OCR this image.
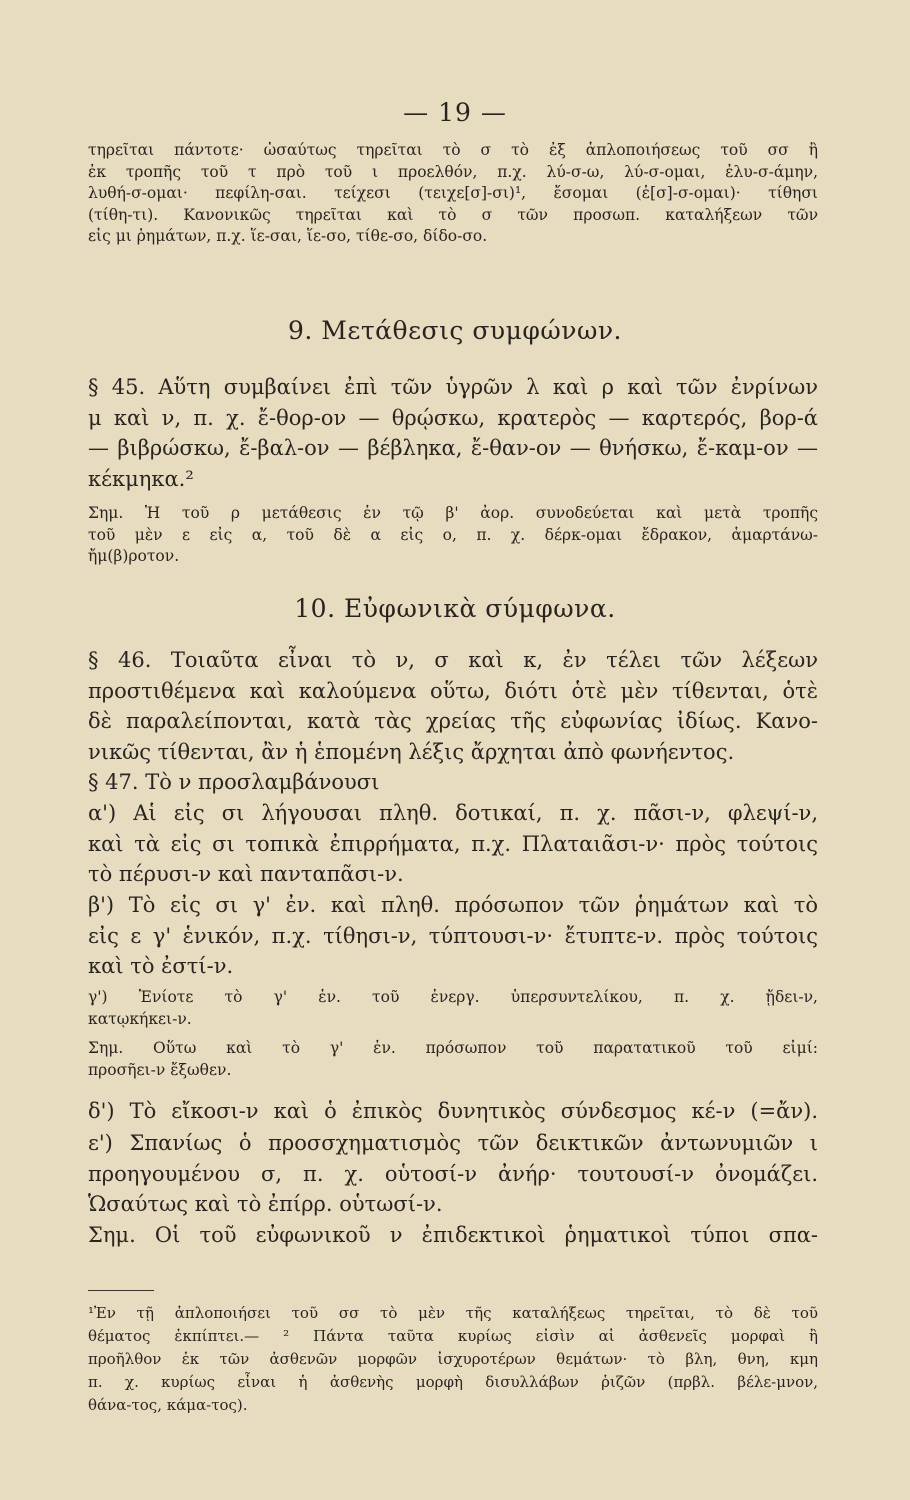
— 19 —
τηρεῖται πάντοτε· ὡσαύτως τηρεῖται τὸ σ τὸ ἐξ ἁπλοποιήσεως τοῦ σσ ἢ
ἐκ τροπῆς τοῦ τ πρὸ τοῦ ι προελθόν, π.χ. λύ-σ-ω, λύ-σ-ομαι, ἐλυ-σ-άμην,
λυθή-σ-ομαι· πεφίλη-σαι. τείχεσι (τειχε[σ]-σι)¹, ἔσομαι (ἐ[σ]-σ-ομαι)· τίθησι
(τίθη-τι). Κανονικῶς τηρεῖται καὶ τὸ σ τῶν προσωπ. καταλήξεων τῶν
εἰς μι ῥημάτων, π.χ. ἵε-σαι, ἵε-σο, τίθε-σο, δίδο-σο.
9. Μετάθεσις συμφώνων.
§ 45. Αὕτη συμβαίνει ἐπὶ τῶν ὑγρῶν λ καὶ ρ καὶ τῶν ἐνρίνων
μ καὶ ν, π. χ. ἔ-θορ-ον — θρῴσκω, κρατερὸς — καρτερός, βορ-ά
— βιβρώσκω, ἔ-βαλ-ον — βέβληκα, ἔ-θαν-ον — θνήσκω, ἔ-καμ-ον —
κέκμηκα.²
Σημ. Ἡ τοῦ ρ μετάθεσις ἐν τῷ β' ἀορ. συνοδεύεται καὶ μετὰ τροπῆς
τοῦ μὲν ε εἰς α, τοῦ δὲ α εἰς ο, π. χ. δέρκ-ομαι ἔδρακον, ἁμαρτάνω-
ἤμ(β)ροτον.
10. Εὐφωνικὰ σύμφωνα.
§ 46. Τοιαῦτα εἶναι τὸ ν, σ καὶ κ, ἐν τέλει τῶν λέξεων
προστιθέμενα καὶ καλούμενα οὕτω, διότι ὁτὲ μὲν τίθενται, ὁτὲ
δὲ παραλείπονται, κατὰ τὰς χρείας τῆς εὐφωνίας ἰδίως. Κανο-
νικῶς τίθενται, ἂν ἡ ἑπομένη λέξις ἄρχηται ἀπὸ φωνήεντος.
§ 47. Τὸ ν προσλαμβάνουσι
α') Αἱ εἰς σι λήγουσαι πληθ. δοτικαί, π. χ. πᾶσι-ν, φλεψί-ν,
καὶ τὰ εἰς σι τοπικὰ ἐπιρρήματα, π.χ. Πλαταιᾶσι-ν· πρὸς τούτοις
τὸ πέρυσι-ν καὶ πανταπᾶσι-ν.
β') Τὸ εἰς σι γ' ἐν. καὶ πληθ. πρόσωπον τῶν ῥημάτων καὶ τὸ
εἰς ε γ' ἑνικόν, π.χ. τίθησι-ν, τύπτουσι-ν· ἔτυπτε-ν. πρὸς τούτοις
καὶ τὸ ἐστί-ν.
γ') Ἐνίοτε τὸ γ' ἐν. τοῦ ἐνεργ. ὑπερσυντελίκου, π. χ. ᾔδει-ν,
κατῳκήκει-ν.
Σημ. Οὕτω καὶ τὸ γ' ἐν. πρόσωπον τοῦ παρατατικοῦ τοῦ εἰμί:
προσῆει-ν ἔξωθεν.
δ') Τὸ εἴκοσι-ν καὶ ὁ ἐπικὸς δυνητικὸς σύνδεσμος κέ-ν (=ἄν).
ε') Σπανίως ὁ προσσχηματισμὸς τῶν δεικτικῶν ἀντωνυμιῶν ι
προηγουμένου σ, π. χ. οὑτοσί-ν ἀνήρ· τουτουσί-ν ὀνομάζει.
Ὡσαύτως καὶ τὸ ἐπίρρ. οὑτωσί-ν.
Σημ. Οἱ τοῦ εὐφωνικοῦ ν ἐπιδεκτικοὶ ῥηματικοὶ τύποι σπα-
¹Ἐν τῇ ἁπλοποιήσει τοῦ σσ τὸ μὲν τῆς καταλήξεως τηρεῖται, τὸ δὲ τοῦ
θέματος ἐκπίπτει.— ² Πάντα ταῦτα κυρίως εἰσὶν αἱ ἀσθενεῖς μορφαὶ ἢ
προῆλθον ἐκ τῶν ἀσθενῶν μορφῶν ἰσχυροτέρων θεμάτων· τὸ βλη, θνη, κμη
π. χ. κυρίως εἶναι ἡ ἀσθενὴς μορφὴ δισυλλάβων ῥιζῶν (πρβλ. βέλε-μνον,
θάνα-τος, κάμα-τος).
